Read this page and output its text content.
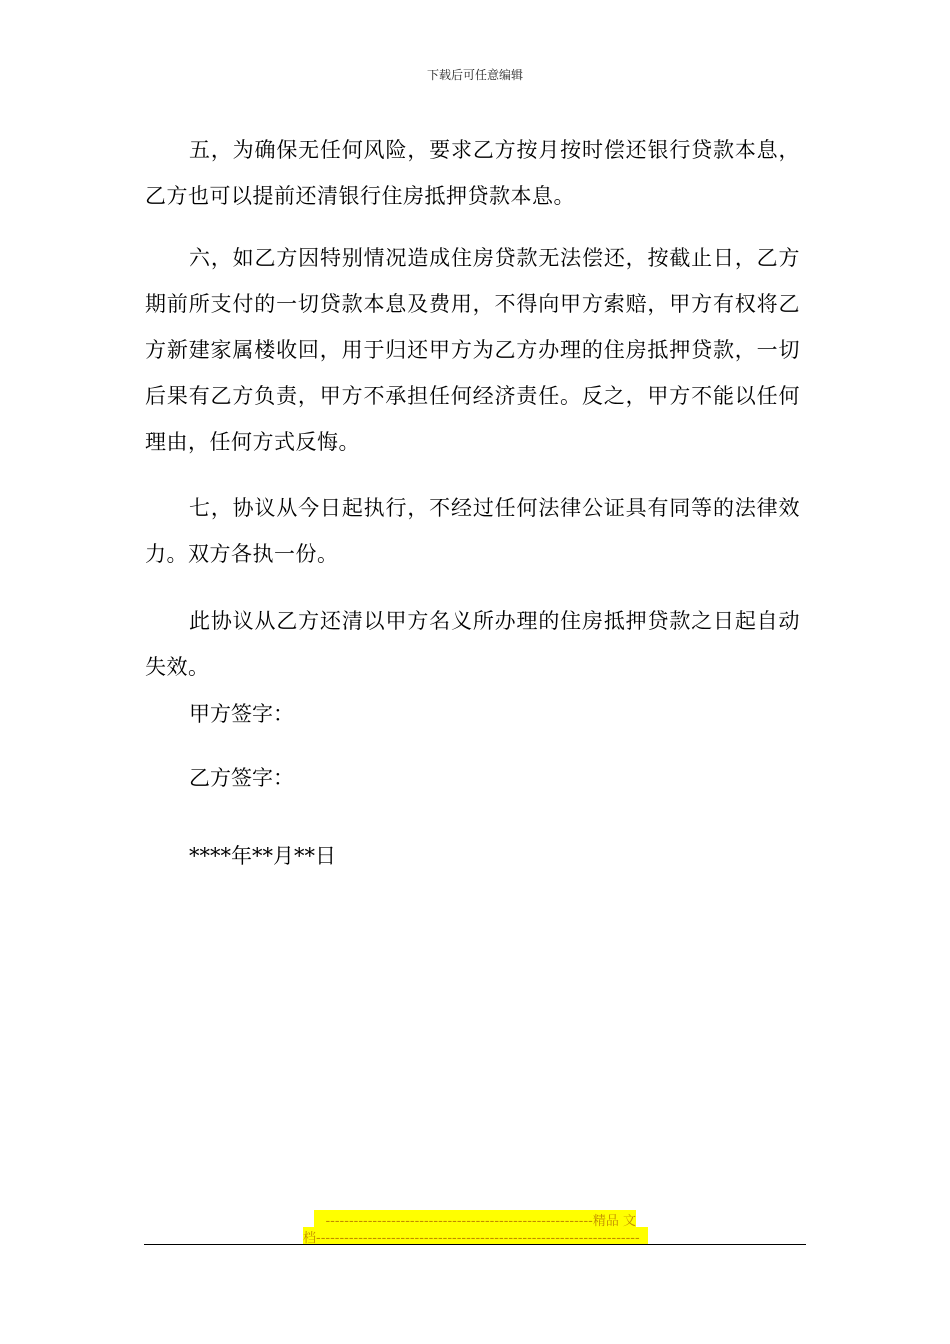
下载后可任意编辑

五，为确保无任何风险，要求乙方按月按时偿还银行贷款本息，乙方也可以提前还清银行住房抵押贷款本息。

六，如乙方因特别情况造成住房贷款无法偿还，按截止日，乙方期前所支付的一切贷款本息及费用，不得向甲方索赔，甲方有权将乙方新建家属楼收回，用于归还甲方为乙方办理的住房抵押贷款，一切后果有乙方负责，甲方不承担任何经济责任。反之，甲方不能以任何理由，任何方式反悔。

七，协议从今日起执行，不经过任何法律公证具有同等的法律效力。双方各执一份。

此协议从乙方还清以甲方名义所办理的住房抵押贷款之日起自动失效。

甲方签字：
乙方签字：
****年**月**日
---------------------------------------------------------精品 文
档---------------------------------------------------------------------
